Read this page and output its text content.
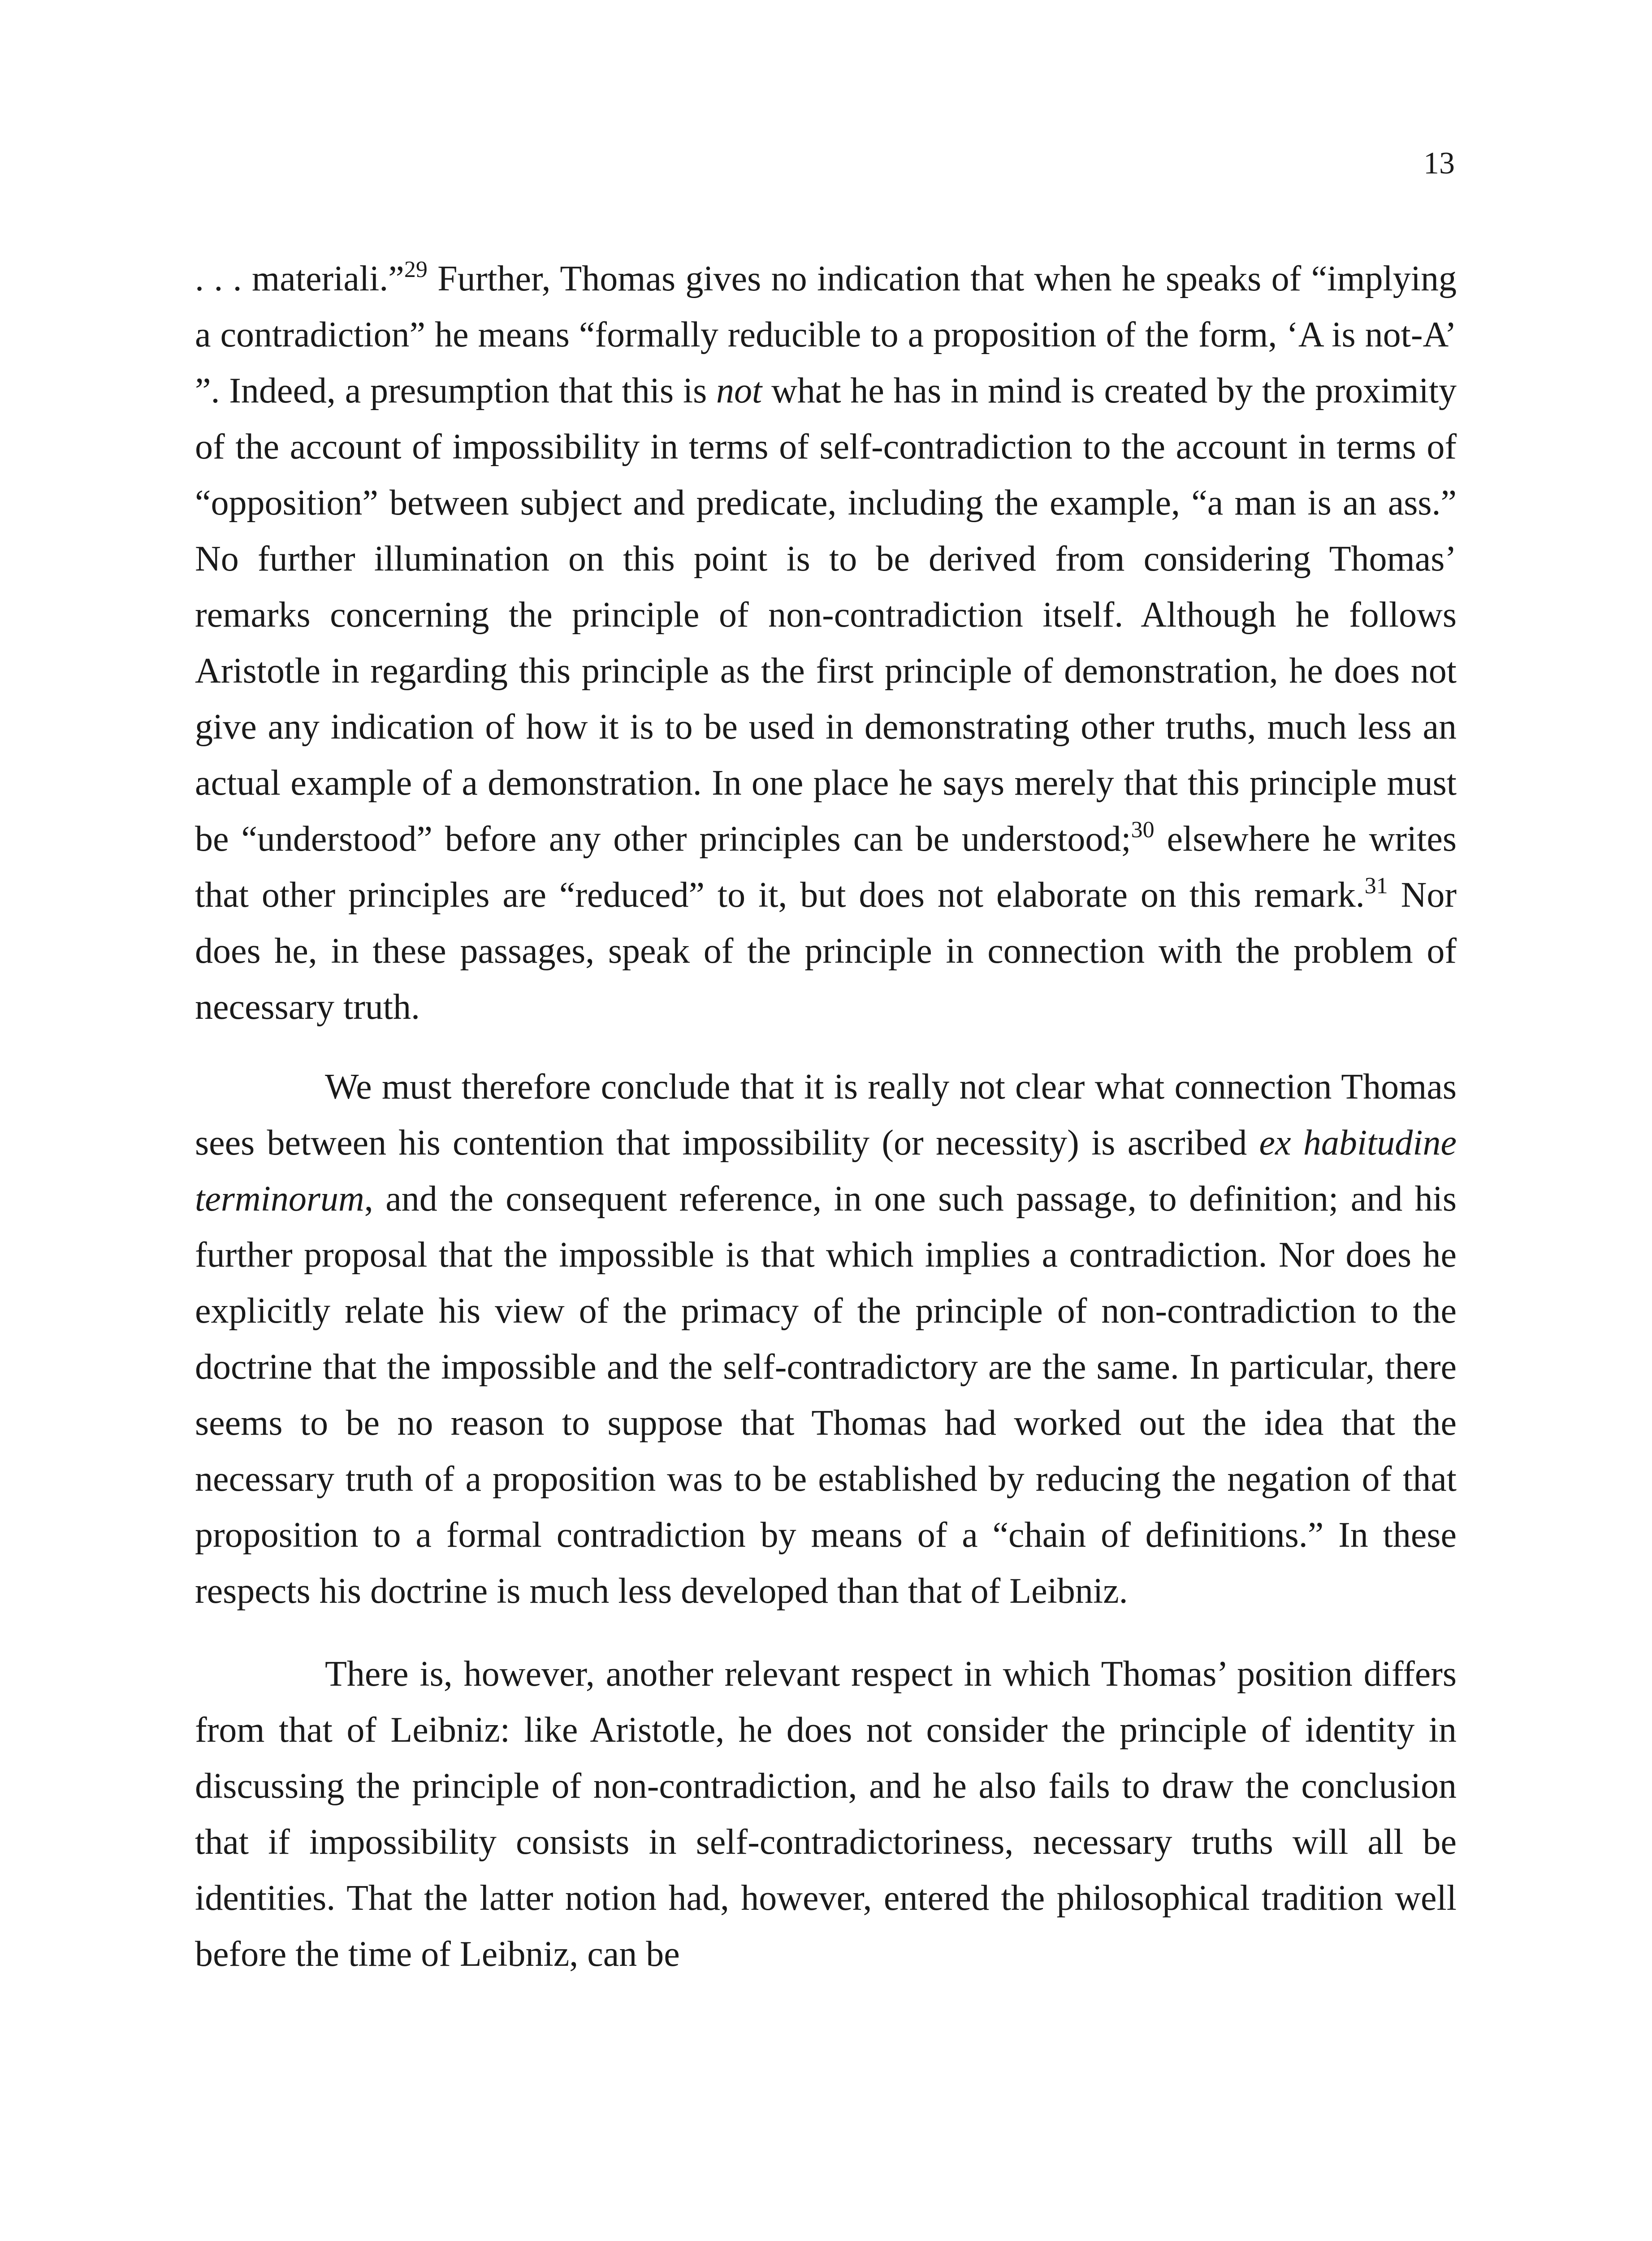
13

. . . materiali.”$^{29}$ Further, Thomas gives no indication that when he speaks of “implying a contradiction” he means “formally reducible to a proposition of the form, ‘A is not-A’ ”. Indeed, a presumption that this is not what he has in mind is created by the proximity of the account of impossibility in terms of self-contradiction to the account in terms of “opposition” between subject and predicate, including the example, “a man is an ass.” No further illumination on this point is to be derived from considering Thomas’ remarks concerning the principle of non-contradiction itself. Although he follows Aristotle in regarding this principle as the first principle of demonstration, he does not give any indication of how it is to be used in demonstrating other truths, much less an actual example of a demonstration. In one place he says merely that this principle must be “understood” before any other principles can be understood;$^{30}$ elsewhere he writes that other principles are “reduced” to it, but does not elaborate on this remark.$^{31}$ Nor does he, in these passages, speak of the principle in connection with the problem of necessary truth.

We must therefore conclude that it is really not clear what connection Thomas sees between his contention that impossibility (or necessity) is ascribed ex habitudine terminorum, and the consequent reference, in one such passage, to definition; and his further proposal that the impossible is that which implies a contradiction. Nor does he explicitly relate his view of the primacy of the principle of non-contradiction to the doctrine that the impossible and the self-contradictory are the same. In particular, there seems to be no reason to suppose that Thomas had worked out the idea that the necessary truth of a proposition was to be established by reducing the negation of that proposition to a formal contradiction by means of a “chain of definitions.” In these respects his doctrine is much less developed than that of Leibniz.

There is, however, another relevant respect in which Thomas’ position differs from that of Leibniz: like Aristotle, he does not consider the principle of identity in discussing the principle of non-contradiction, and he also fails to draw the conclusion that if impossibility consists in self-contradictoriness, necessary truths will all be identities. That the latter notion had, however, entered the philosophical tradition well before the time of Leibniz, can be
